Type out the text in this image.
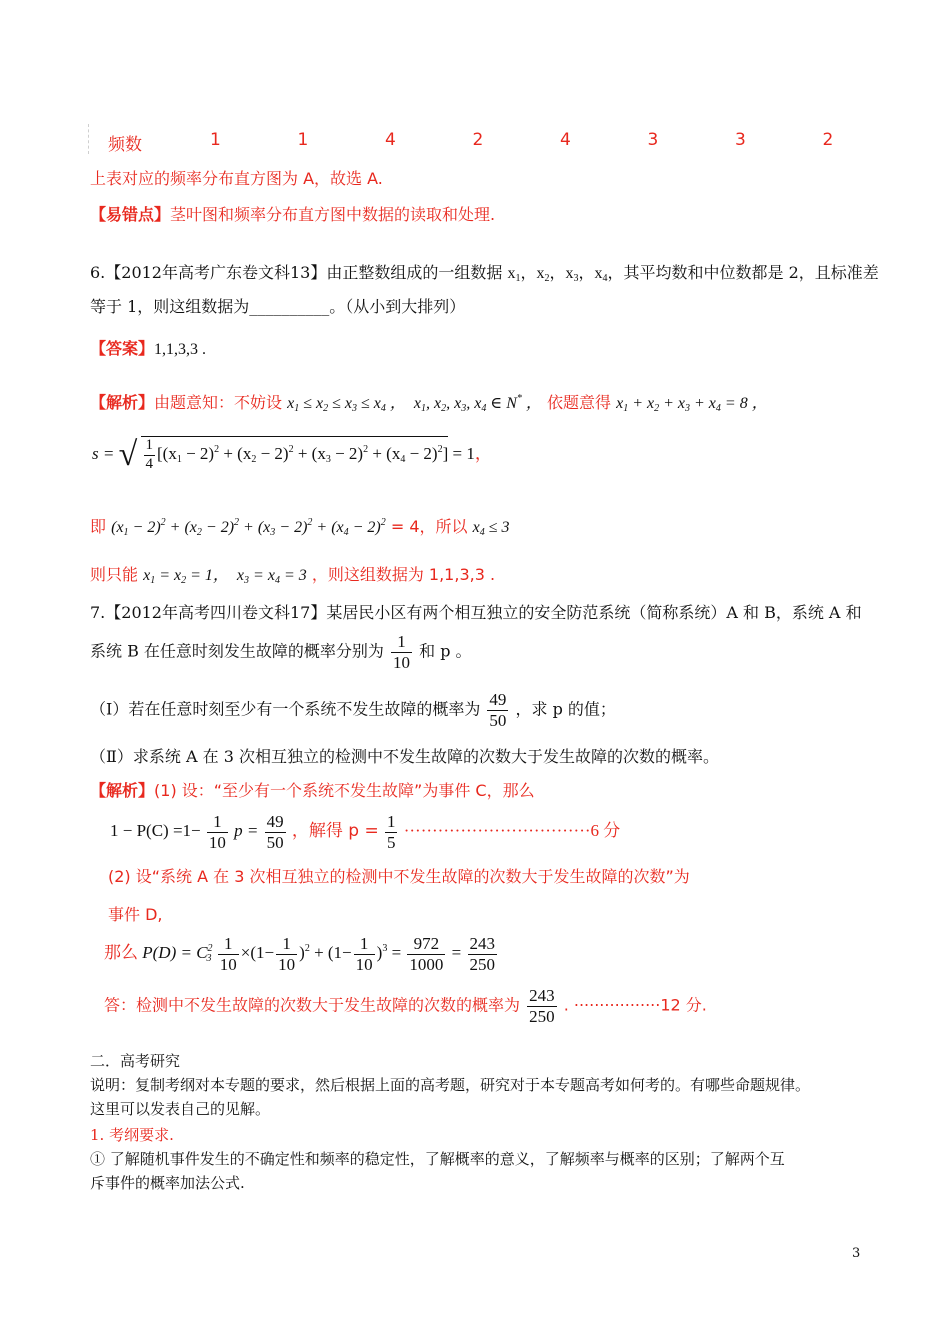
频数	1	1	4	2	4	3	3	2
上表对应的频率分布直方图为 A，故选 A.
【易错点】茎叶图和频率分布直方图中数据的读取和处理.
6.【2012年高考广东卷文科13】由正整数组成的一组数据 $x_1$，$x_2$，$x_3$，$x_4$，其平均数和中位数都是 2，且标准差
等于 1，则这组数据为__________。（从小到大排列）
【答案】1,1,3,3 .
【解析】由题意知：不妨设 $x_1 \le x_2 \le x_3 \le x_4$ ，  $x_1$, $x_2$, $x_3$, $x_4$ ∈ N* ， 依题意得 $x_1 + x_2 + x_3 + x_4 = 8$ ，
s = √
$\frac{1}{4} [(x_1 - 2)^2 + (x_2 - 2)^2 + (x_3 - 2)^2 + (x_4 - 2)^2] = 1$，
即 $(x_1 - 2)^2 + (x_2 - 2)^2 + (x_3 - 2)^2 + (x_4 - 2)^2 = 4$，所以 $x_4 \le 3$
则只能 $x_1 = x_2 = 1$，  $x_3 = x_4 = 3$ ，则这组数据为 1,1,3,3 .
7.【2012年高考四川卷文科17】某居民小区有两个相互独立的安全防范系统（简称系统）A 和 B，系统 A 和
系统 B 在任意时刻发生故障的概率分别为 $\frac{1}{10}$ 和 p 。
（Ⅰ）若在任意时刻至少有一个系统不发生故障的概率为 $\frac{49}{50}$ ，求 p 的值；
（Ⅱ）求系统 A 在 3 次相互独立的检测中不发生故障的次数大于发生故障的次数的概率。
【解析】(1) 设：“至少有一个系统不发生故障”为事件 C，那么
$1 - P(C) =1- \frac{1}{10}$ $p = \frac{49}{50}$ ，解得 $p = \frac{1}{5} \cdot\cdot\cdot\cdot\cdot\cdot\cdot\cdot\cdot\cdot\cdot\cdot\cdot\cdot\cdot\cdot\cdot\cdot\cdot\cdot\cdot\cdot\cdot\cdot\cdot\cdot\cdot\cdot\cdot\cdot\cdot\cdot\cdot 6$ 分
(2) 设“系统 A 在 3 次相互独立的检测中不发生故障的次数大于发生故障的次数”为
事件 D,
那么 $P(D) = C^2_3 \frac{1}{10} \times(1- \frac{1}{10} )^2 + (1- \frac{1}{10} )^3 = \frac{972}{1000} = \frac{243}{250}$
答：检测中不发生故障的次数大于发生故障的次数的概率为 $\frac{243}{250}$ . ·················12 分.
二．高考研究
说明：复制考纲对本专题的要求，然后根据上面的高考题，研究对于本专题高考如何考的。有哪些命题规律。
这里可以发表自己的见解。
1. 考纲要求.
① 了解随机事件发生的不确定性和频率的稳定性，了解概率的意义，了解频率与概率的区别；了解两个互
斥事件的概率加法公式.
3
